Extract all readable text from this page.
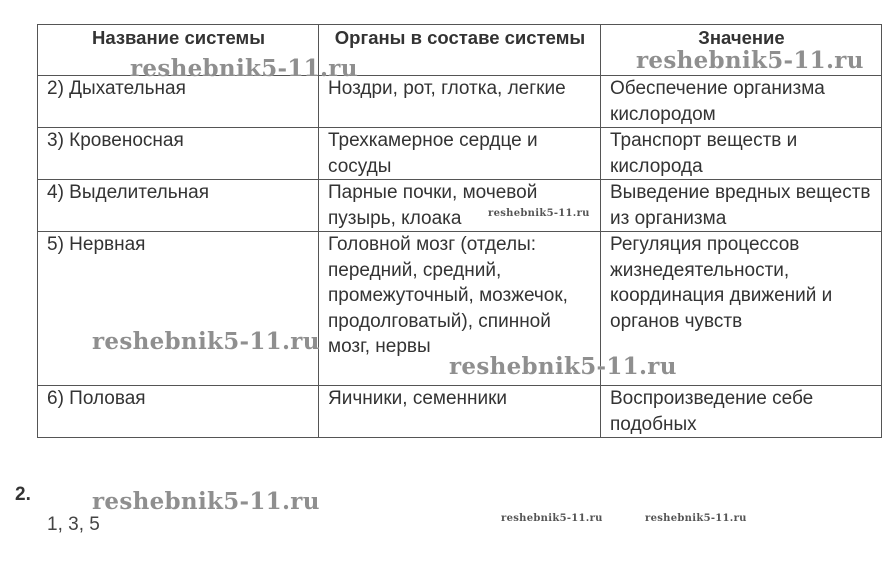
Название системы	Органы в составе системы	Значение
2) Дыхательная	Ноздри, рот, глотка, легкие	Обеспечение организма кислородом
3) Кровеносная	Трехкамерное сердце и сосуды	Транспорт веществ и кислорода
4) Выделительная	Парные почки, мочевой пузырь, клоака	Выведение вредных веществ из организма
5) Нервная	Головной мозг (отделы: передний, средний, промежуточный, мозжечок, продолговатый), спинной мозг, нервы	Регуляция процессов жизнедеятельности, координация движений и органов чувств
6) Половая	Яичники, семенники	Воспроизведение себе подобных
2.
1, 3, 5
reshebnik5-11.ru	reshebnik5-11.ru
reshebnik5-11.ru
reshebnik5-11.ru
reshebnik5-11.ru
reshebnik5-11.ru
reshebnik5-11.ru	reshebnik5-11.ru
